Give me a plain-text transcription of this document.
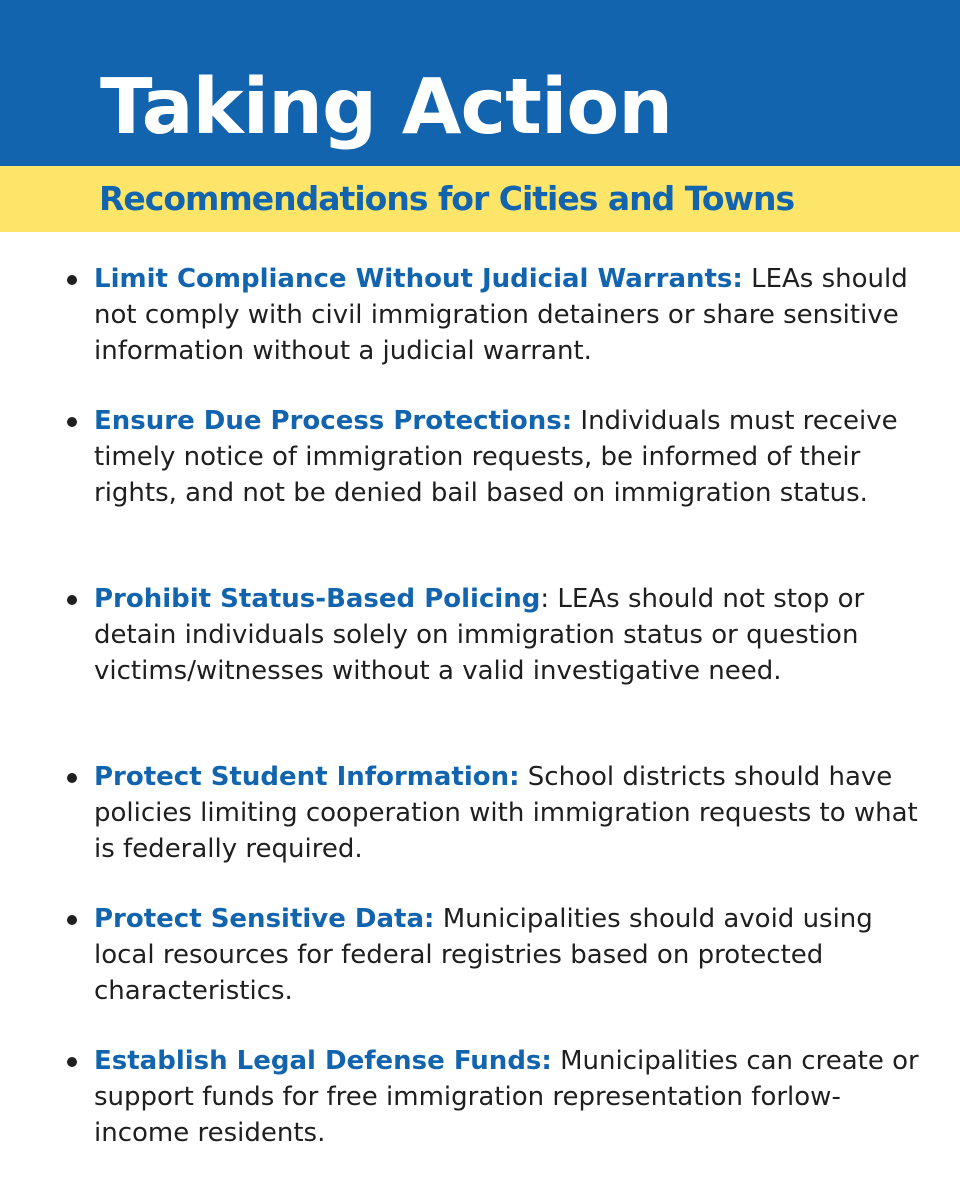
Taking Action
Recommendations for Cities and Towns
Limit Compliance Without Judicial Warrants: LEAs should not comply with civil immigration detainers or share sensitive information without a judicial warrant.
Ensure Due Process Protections: Individuals must receive timely notice of immigration requests, be informed of their rights, and not be denied bail based on immigration status.
Prohibit Status-Based Policing: LEAs should not stop or detain individuals solely on immigration status or question victims/witnesses without a valid investigative need.
Protect Student Information: School districts should have policies limiting cooperation with immigration requests to what is federally required.
Protect Sensitive Data: Municipalities should avoid using local resources for federal registries based on protected characteristics.
Establish Legal Defense Funds: Municipalities can create or support funds for free immigration representation forlow-income residents.
